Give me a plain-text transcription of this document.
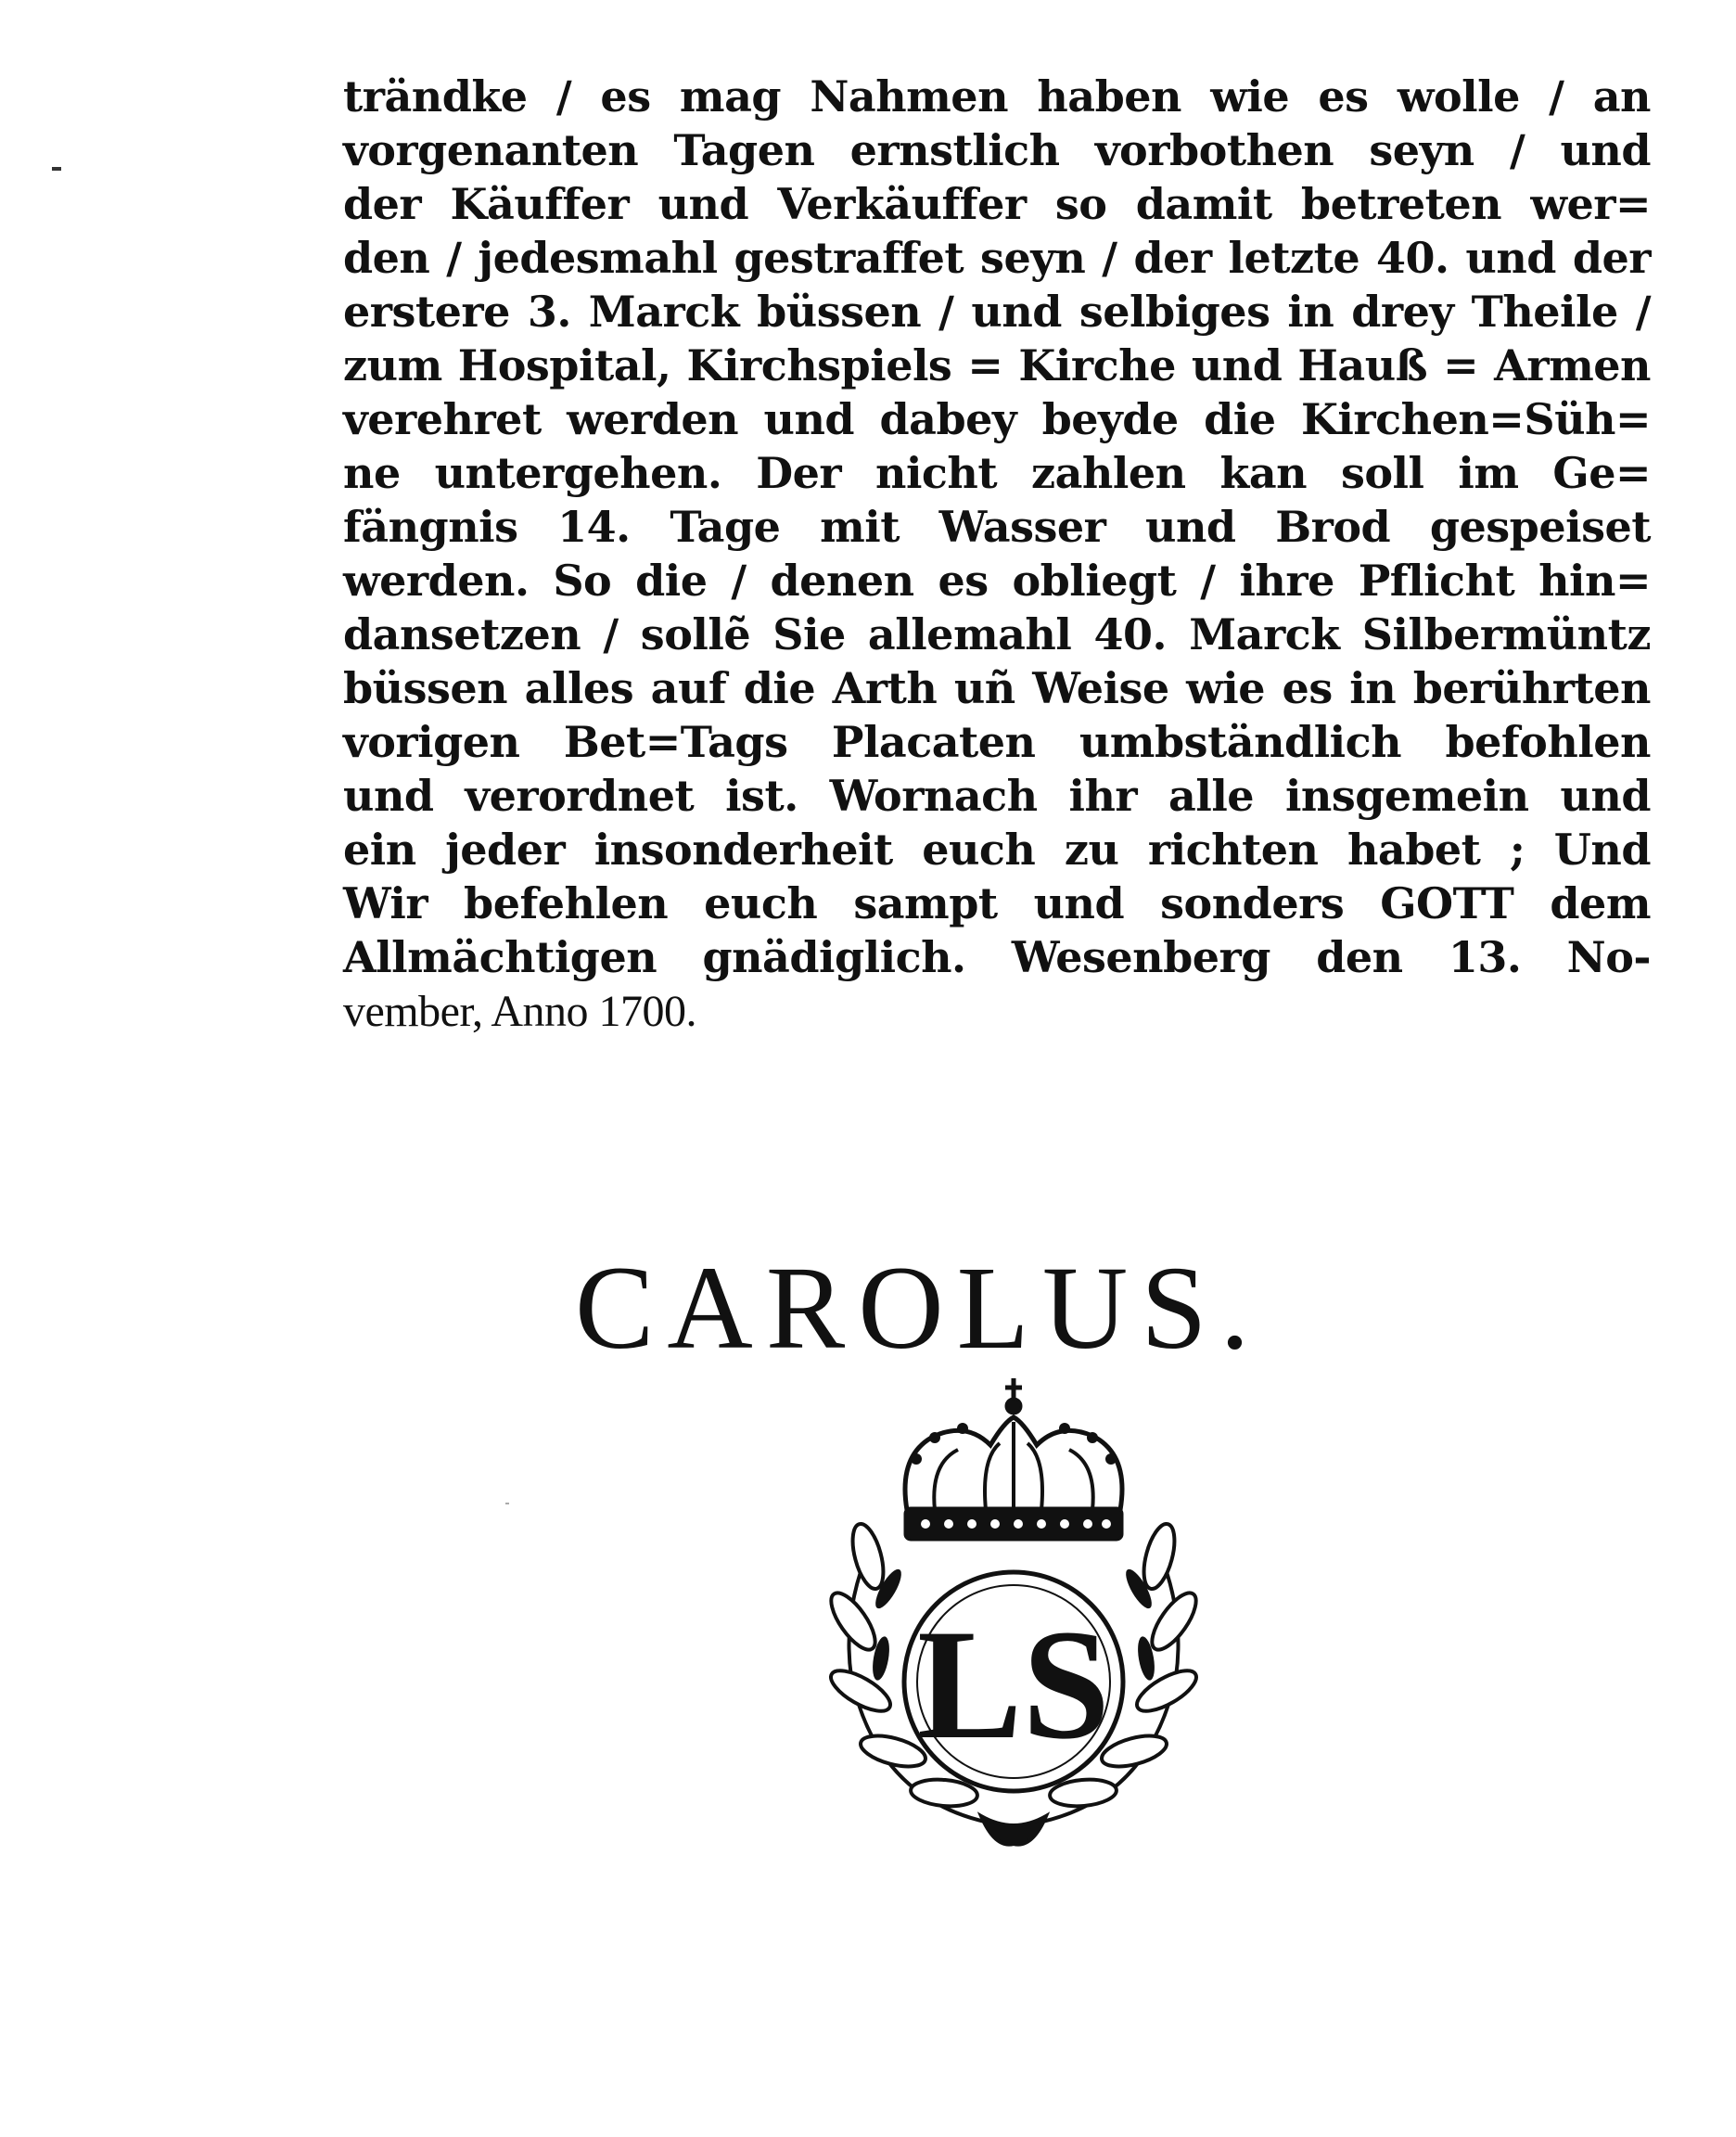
trändke / es mag Nahmen haben wie es wolle / an
vorgenanten Tagen ernstlich vorbothen seyn / und
der Käuffer und Verkäuffer so damit betreten wer=
den / jedesmahl gestraffet seyn / der letzte 40. und der
erstere 3. Marck büssen / und selbiges in drey Theile /
zum Hospital, Kirchspiels = Kirche und Hauß = Armen
verehret werden und dabey beyde die Kirchen=Süh=
ne untergehen. Der nicht zahlen kan soll im Ge=
fängnis 14. Tage mit Wasser und Brod gespeiset
werden. So die / denen es obliegt / ihre Pflicht hin=
dansetzen / sollẽ Sie allemahl 40. Marck Silbermüntz
büssen alles auf die Arth uñ Weise wie es in berührten
vorigen Bet=Tags Placaten umbständlich befohlen
und verordnet ist. Wornach ihr alle insgemein und
ein jeder insonderheit euch zu richten habet ; Und
Wir befehlen euch sampt und sonders GOTT dem
Allmächtigen gnädiglich. Wesenberg den 13. No-
vember, Anno 1700.
CAROLUS.
LS
